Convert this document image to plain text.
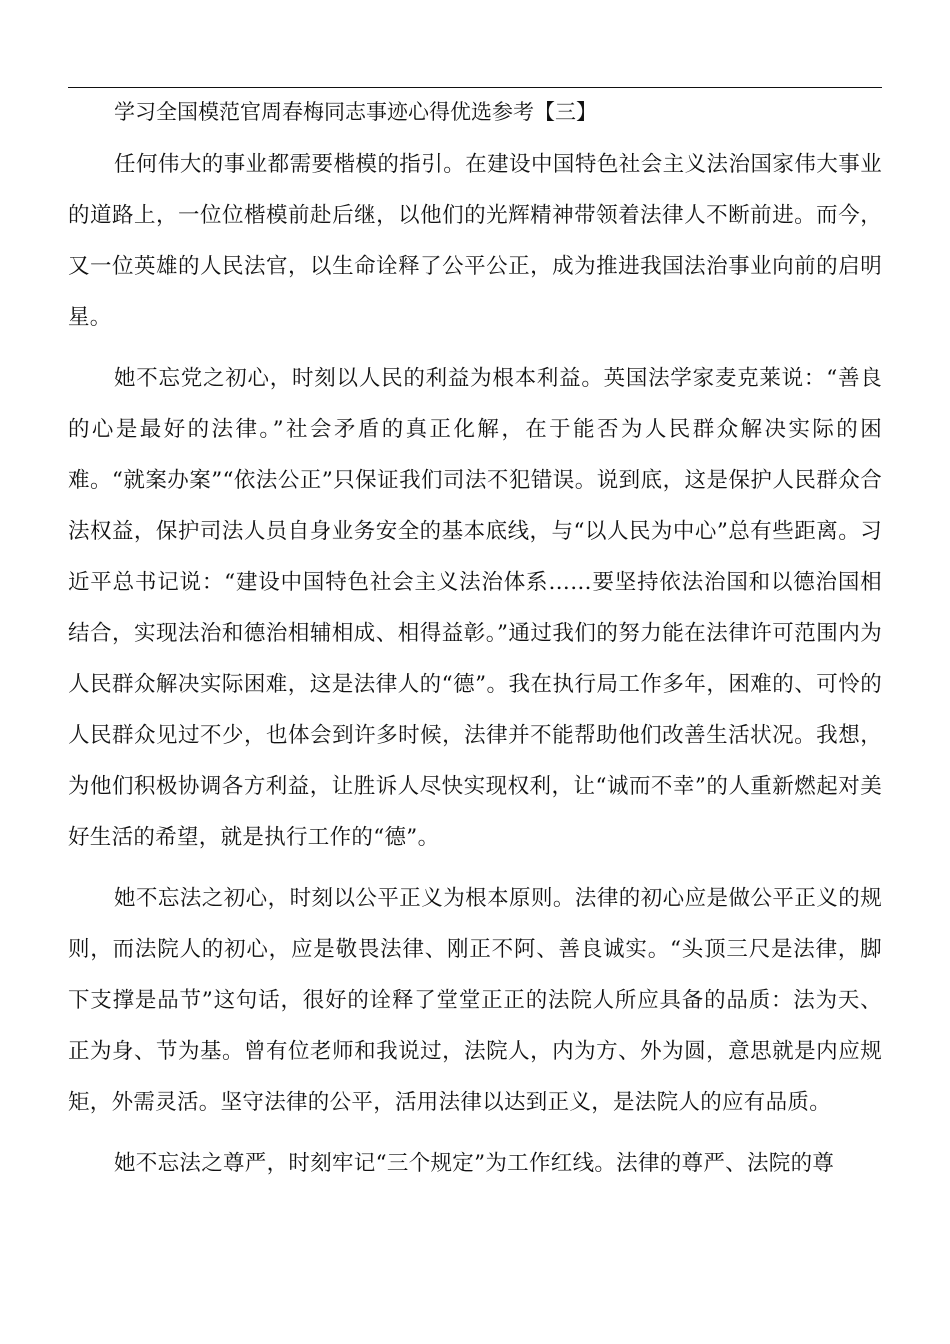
学习全国模范官周春梅同志事迹心得优选参考【三】

任何伟大的事业都需要楷模的指引。在建设中国特色社会主义法治国家伟大事业的道路上，一位位楷模前赴后继，以他们的光辉精神带领着法律人不断前进。而今，又一位英雄的人民法官，以生命诠释了公平公正，成为推进我国法治事业向前的启明星。

她不忘党之初心，时刻以人民的利益为根本利益。英国法学家麦克莱说：“善良的心是最好的法律。”社会矛盾的真正化解，在于能否为人民群众解决实际的困难。“就案办案”“依法公正”只保证我们司法不犯错误。说到底，这是保护人民群众合法权益，保护司法人员自身业务安全的基本底线，与“以人民为中心”总有些距离。习近平总书记说：“建设中国特色社会主义法治体系……要坚持依法治国和以德治国相结合，实现法治和德治相辅相成、相得益彰。”通过我们的努力能在法律许可范围内为人民群众解决实际困难，这是法律人的“德”。我在执行局工作多年，困难的、可怜的人民群众见过不少，也体会到许多时候，法律并不能帮助他们改善生活状况。我想，为他们积极协调各方利益，让胜诉人尽快实现权利，让“诚而不幸”的人重新燃起对美好生活的希望，就是执行工作的“德”。

她不忘法之初心，时刻以公平正义为根本原则。法律的初心应是做公平正义的规则，而法院人的初心，应是敬畏法律、刚正不阿、善良诚实。“头顶三尺是法律，脚下支撑是品节”这句话，很好的诠释了堂堂正正的法院人所应具备的品质：法为天、正为身、节为基。曾有位老师和我说过，法院人，内为方、外为圆，意思就是内应规矩，外需灵活。坚守法律的公平，活用法律以达到正义，是法院人的应有品质。

她不忘法之尊严，时刻牢记“三个规定”为工作红线。法律的尊严、法院的尊
